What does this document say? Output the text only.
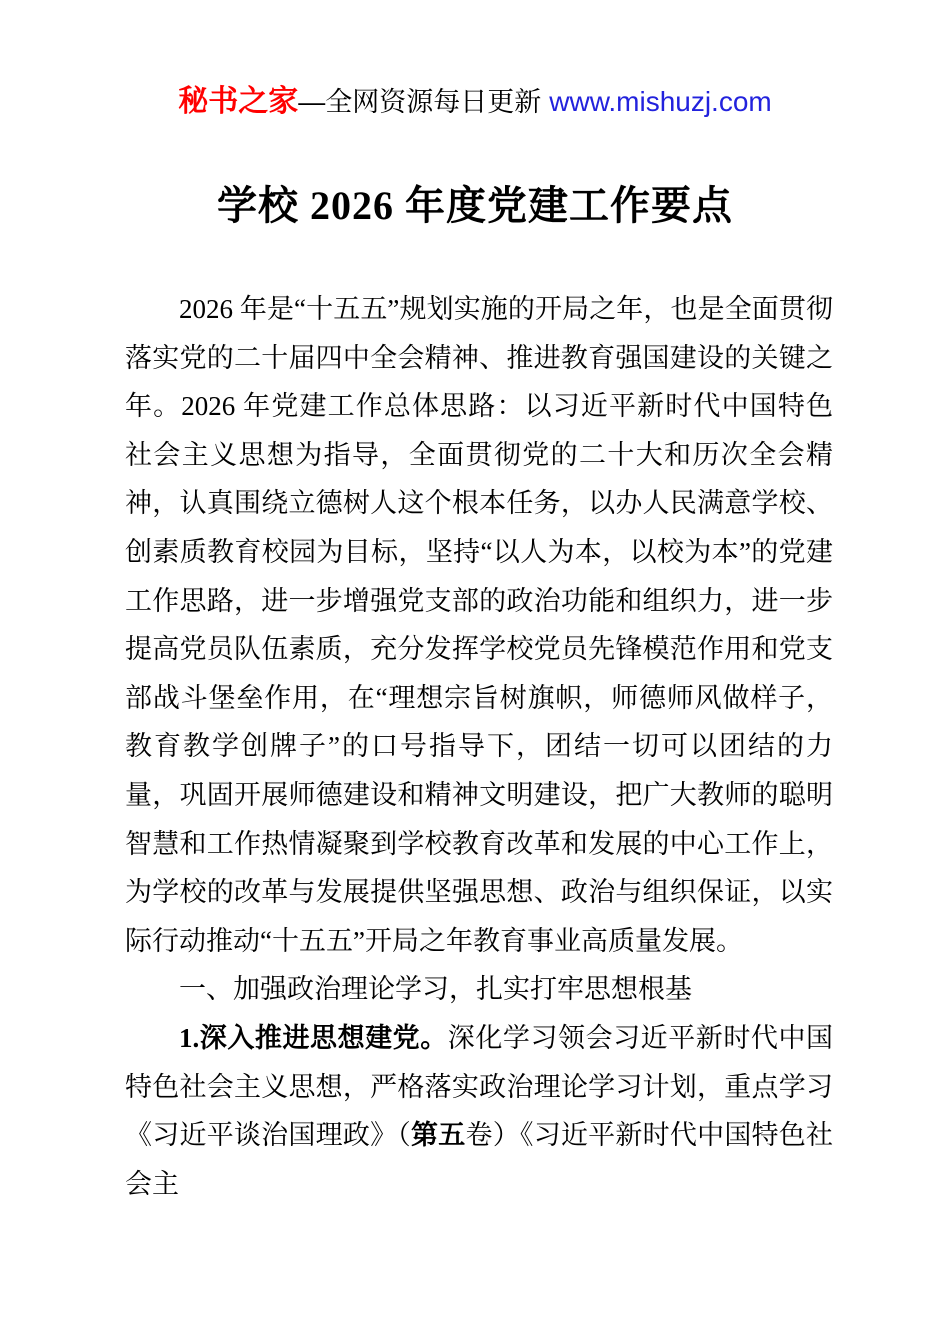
秘书之家—全网资源每日更新 www.mishuzj.com
学校 2026 年度党建工作要点

2026 年是“十五五”规划实施的开局之年，也是全面贯彻落实党的二十届四中全会精神、推进教育强国建设的关键之年。2026 年党建工作总体思路：以习近平新时代中国特色社会主义思想为指导，全面贯彻党的二十大和历次全会精神，认真围绕立德树人这个根本任务，以办人民满意学校、创素质教育校园为目标，坚持“以人为本，以校为本”的党建工作思路，进一步增强党支部的政治功能和组织力，进一步提高党员队伍素质，充分发挥学校党员先锋模范作用和党支部战斗堡垒作用，在“理想宗旨树旗帜，师德师风做样子，教育教学创牌子”的口号指导下，团结一切可以团结的力量，巩固开展师德建设和精神文明建设，把广大教师的聪明智慧和工作热情凝聚到学校教育改革和发展的中心工作上，为学校的改革与发展提供坚强思想、政治与组织保证，以实际行动推动“十五五”开局之年教育事业高质量发展。

一、加强政治理论学习，扎实打牢思想根基

1.深入推进思想建党。深化学习领会习近平新时代中国特色社会主义思想，严格落实政治理论学习计划，重点学习《习近平谈治国理政》（第五卷）《习近平新时代中国特色社会主
